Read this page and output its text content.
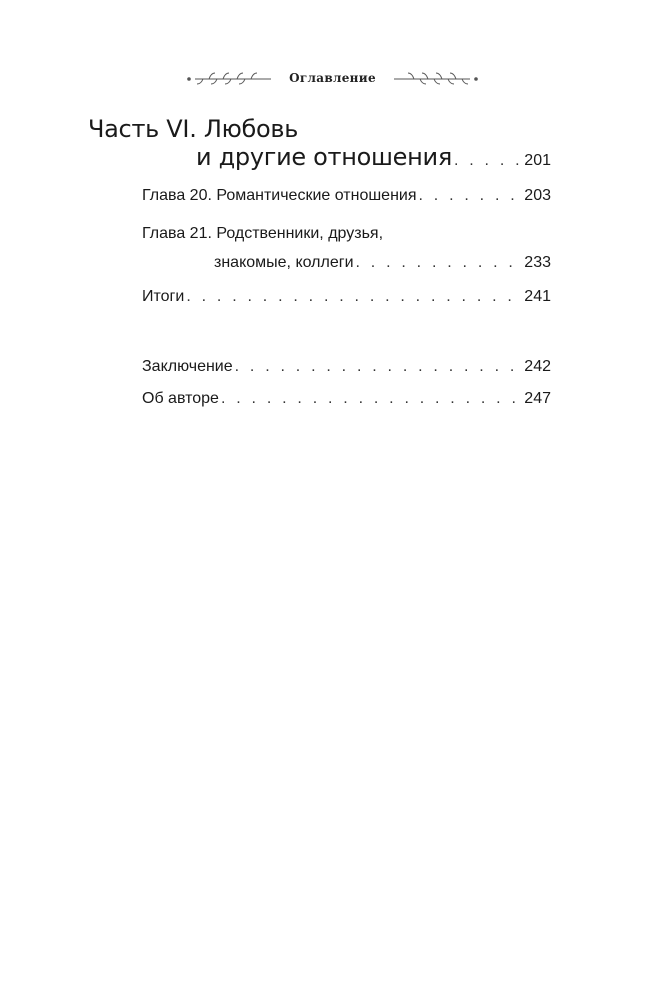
Оглавление
Часть VI. Любовь
и другие отношения . . .	201
Глава 20. Романтические отношения . . .	203
Глава 21. Родственники, друзья,
знакомые, коллеги . . .	233
Итоги . . .	241
Заключение . . .	242
Об авторе . . .	247
